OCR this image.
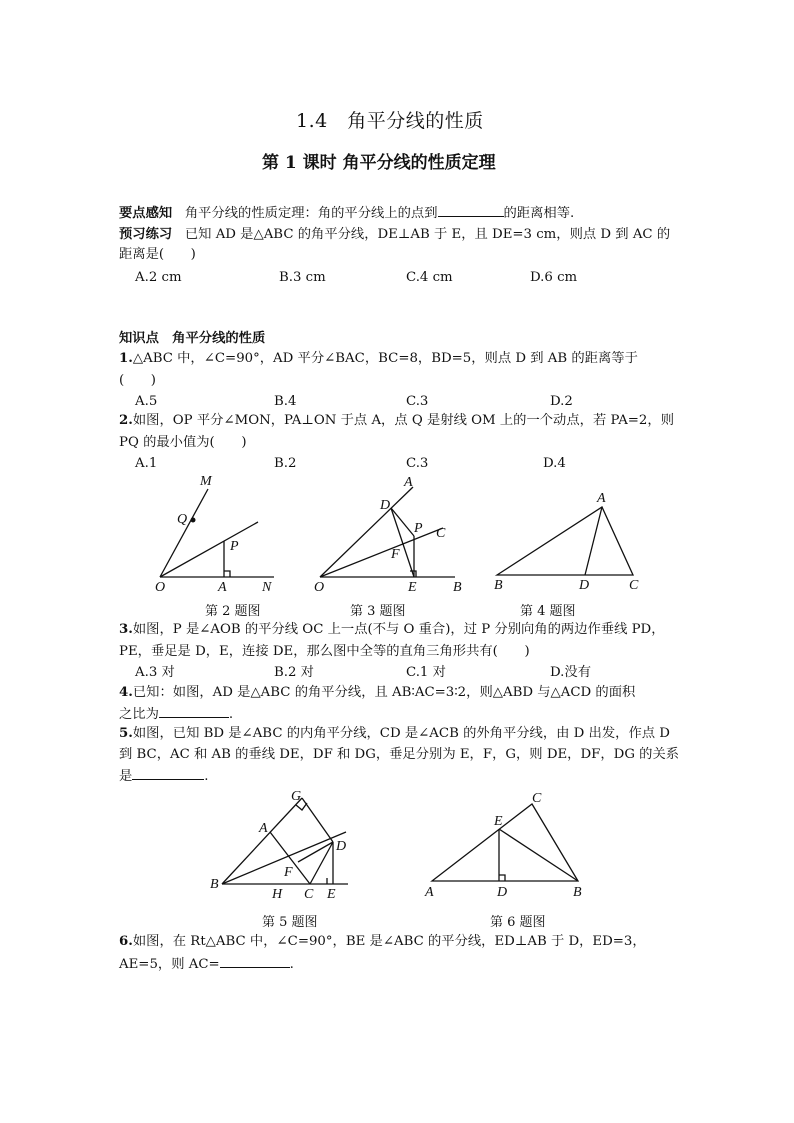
1.4　角平分线的性质
第 1 课时 角平分线的性质定理
要点感知 角平分线的性质定理：角的平分线上的点到	的距离相等.
预习练习 已知 AD 是△ABC 的角平分线，DE⊥AB 于 E，且 DE=3 cm，则点 D 到 AC 的
距离是(　　)
A.2 cm	B.3 cm	C.4 cm	D.6 cm
知识点　角平分线的性质
1.△ABC 中，∠C=90°，AD 平分∠BAC，BC=8，BD=5，则点 D 到 AB 的距离等于
(　　)
A.5	B.4	C.3	D.2
2.如图，OP 平分∠MON，PA⊥ON 于点 A，点 Q 是射线 OM 上的一个动点，若 PA=2，则
PQ 的最小值为(　　)
A.1	B.2	C.3	D.4
M
Q
P
O	A	N
A
D
P C
F
O	E	B
A
B	D	C
G
A
D
F
B
H C E
C
E
A	D	B
第 2 题图	第 3 题图	第 4 题图
3.如图，P 是∠AOB 的平分线 OC 上一点(不与 O 重合)，过 P 分别向角的两边作垂线 PD，
PE，垂足是 D，E，连接 DE，那么图中全等的直角三角形共有(　　)
A.3 对	B.2 对	C.1 对	D.没有
4.已知：如图，AD 是△ABC 的角平分线，且 AB∶AC=3∶2，则△ABD 与△ACD 的面积
之比为	.
5.如图，已知 BD 是∠ABC 的内角平分线，CD 是∠ACB 的外角平分线，由 D 出发，作点 D
到 BC，AC 和 AB 的垂线 DE，DF 和 DG，垂足分别为 E，F，G，则 DE，DF，DG 的关系
是	.
第 5 题图	第 6 题图
6.如图，在 Rt△ABC 中，∠C=90°，BE 是∠ABC 的平分线，ED⊥AB 于 D，ED=3，
AE=5，则 AC=	.
